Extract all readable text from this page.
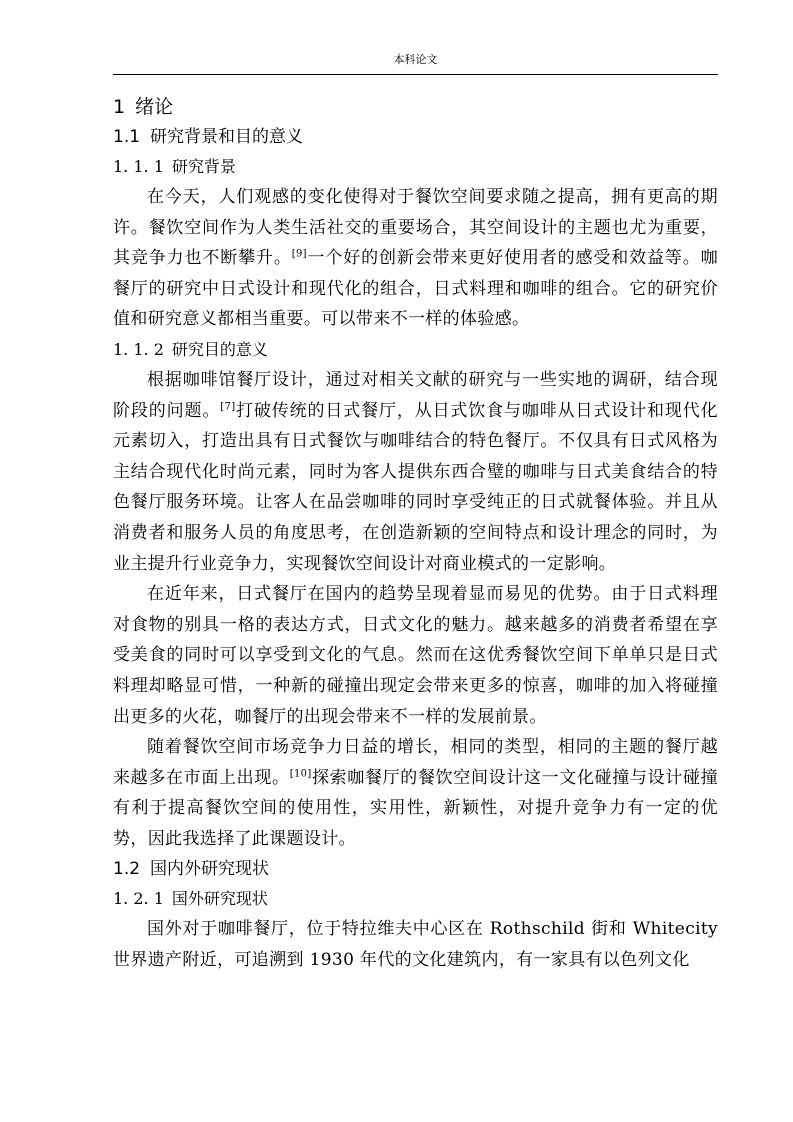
本科论文
1 绪论
1.1 研究背景和目的意义
1. 1. 1 研究背景

在今天，人们观感的变化使得对于餐饮空间要求随之提高，拥有更高的期许。餐饮空间作为人类生活社交的重要场合，其空间设计的主题也尤为重要，其竞争力也不断攀升。[9]一个好的创新会带来更好使用者的感受和效益等。咖餐厅的研究中日式设计和现代化的组合，日式料理和咖啡的组合。它的研究价值和研究意义都相当重要。可以带来不一样的体验感。

1. 1. 2 研究目的意义

根据咖啡馆餐厅设计，通过对相关文献的研究与一些实地的调研，结合现阶段的问题。[7]打破传统的日式餐厅，从日式饮食与咖啡从日式设计和现代化元素切入，打造出具有日式餐饮与咖啡结合的特色餐厅。不仅具有日式风格为主结合现代化时尚元素，同时为客人提供东西合璧的咖啡与日式美食结合的特色餐厅服务环境。让客人在品尝咖啡的同时享受纯正的日式就餐体验。并且从消费者和服务人员的角度思考，在创造新颖的空间特点和设计理念的同时，为业主提升行业竞争力，实现餐饮空间设计对商业模式的一定影响。

在近年来，日式餐厅在国内的趋势呈现着显而易见的优势。由于日式料理对食物的别具一格的表达方式，日式文化的魅力。越来越多的消费者希望在享受美食的同时可以享受到文化的气息。然而在这优秀餐饮空间下单单只是日式料理却略显可惜，一种新的碰撞出现定会带来更多的惊喜，咖啡的加入将碰撞出更多的火花，咖餐厅的出现会带来不一样的发展前景。

随着餐饮空间市场竞争力日益的增长，相同的类型，相同的主题的餐厅越来越多在市面上出现。[10]探索咖餐厅的餐饮空间设计这一文化碰撞与设计碰撞有利于提高餐饮空间的使用性，实用性，新颖性，对提升竞争力有一定的优势，因此我选择了此课题设计。

1.2 国内外研究现状
1. 2. 1 国外研究现状

国外对于咖啡餐厅，位于特拉维夫中心区在 Rothschild 街和 Whitecity 世界遗产附近，可追溯到 1930 年代的文化建筑内，有一家具有以色列文化
